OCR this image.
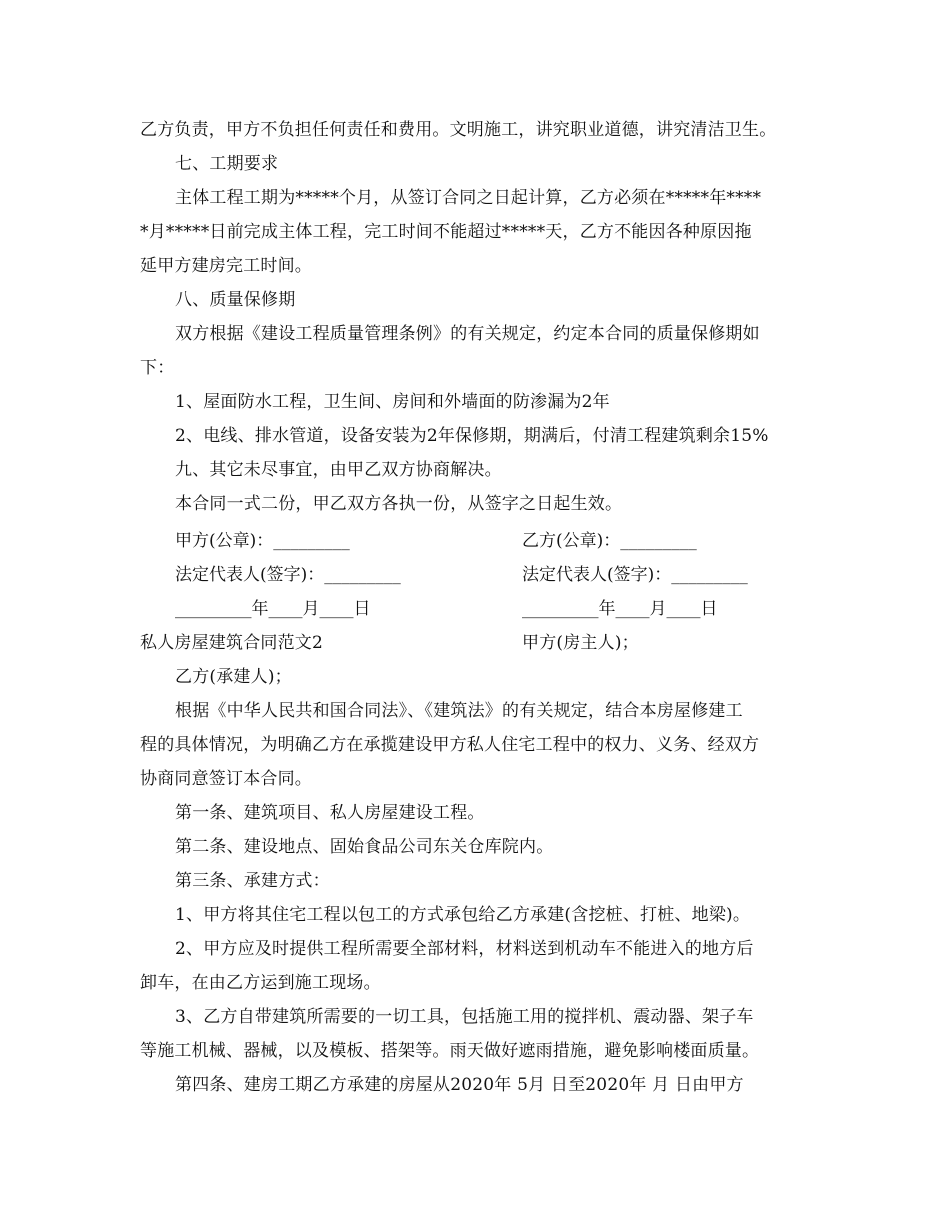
乙方负责，甲方不负担任何责任和费用。文明施工，讲究职业道德，讲究清洁卫生。
七、工期要求
主体工程工期为*****个月，从签订合同之日起计算，乙方必须在*****年****
*月*****日前完成主体工程，完工时间不能超过*****天，乙方不能因各种原因拖
延甲方建房完工时间。
八、质量保修期
双方根据《建设工程质量管理条例》的有关规定，约定本合同的质量保修期如
下：
1、屋面防水工程，卫生间、房间和外墙面的防渗漏为2年
2、电线、排水管道，设备安装为2年保修期，期满后，付清工程建筑剩余15%
九、其它未尽事宜，由甲乙双方协商解决。
本合同一式二份，甲乙双方各执一份，从签字之日起生效。
甲方(公章)：_________	乙方(公章)：_________
法定代表人(签字)：_________	法定代表人(签字)：_________
_________年____月____日	_________年____月____日
私人房屋建筑合同范文2	甲方(房主人)；
乙方(承建人)；
根据《中华人民共和国合同法》、《建筑法》的有关规定，结合本房屋修建工
程的具体情况，为明确乙方在承揽建设甲方私人住宅工程中的权力、义务、经双方
协商同意签订本合同。
第一条、建筑项目、私人房屋建设工程。
第二条、建设地点、固始食品公司东关仓库院内。
第三条、承建方式：
1、甲方将其住宅工程以包工的方式承包给乙方承建(含挖桩、打桩、地梁)。
2、甲方应及时提供工程所需要全部材料，材料送到机动车不能进入的地方后
卸车，在由乙方运到施工现场。
3、乙方自带建筑所需要的一切工具，包括施工用的搅拌机、震动器、架子车
等施工机械、器械，以及模板、搭架等。雨天做好遮雨措施，避免影响楼面质量。
第四条、建房工期乙方承建的房屋从2020年 5月 日至2020年 月 日由甲方
